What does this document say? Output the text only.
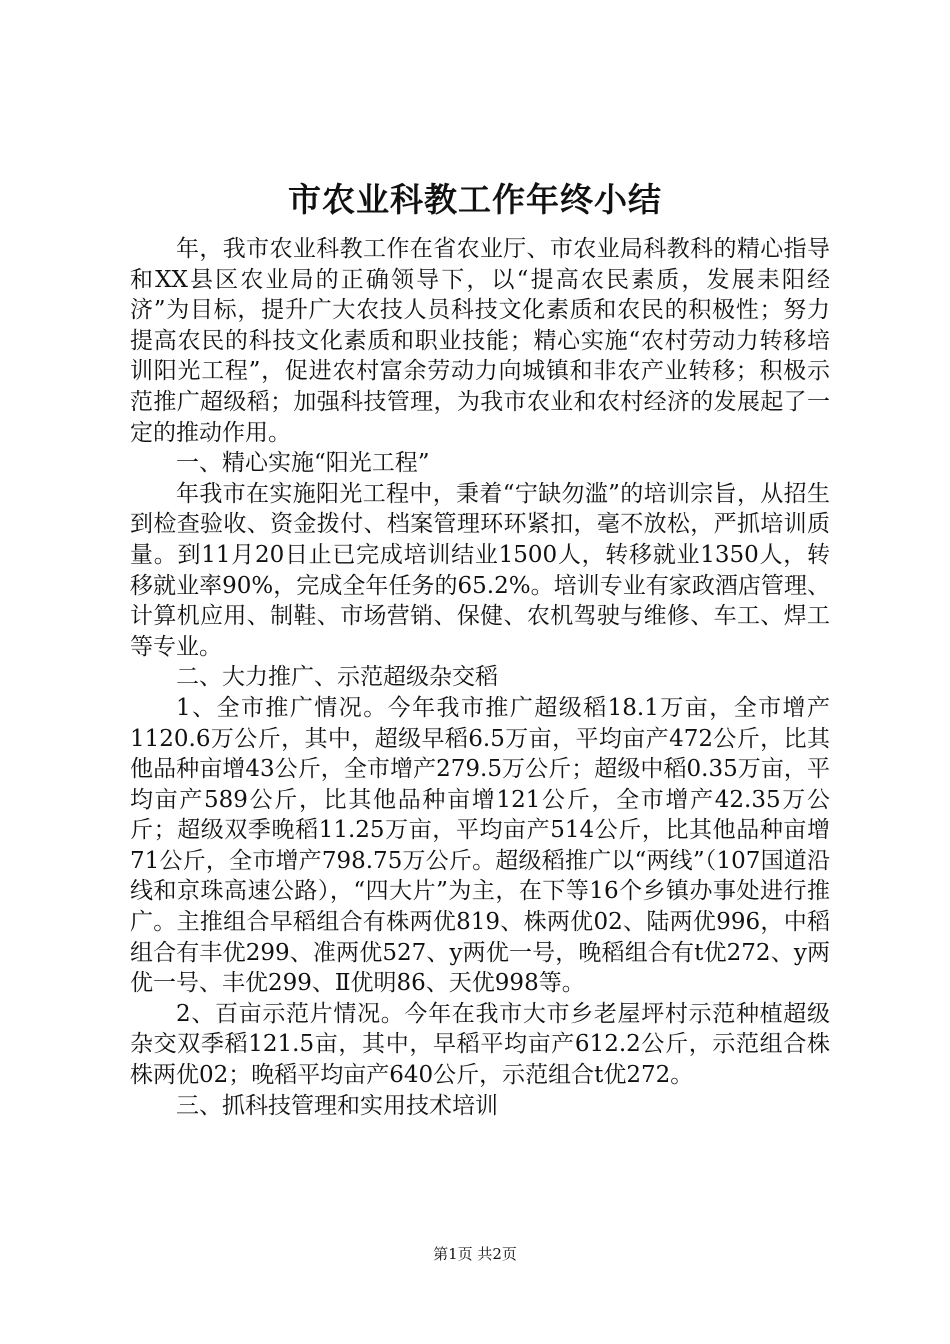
市农业科教工作年终小结

年，我市农业科教工作在省农业厅、市农业局科教科的精心指导和XX县区农业局的正确领导下，以“提高农民素质，发展耒阳经济”为目标，提升广大农技人员科技文化素质和农民的积极性；努力提高农民的科技文化素质和职业技能；精心实施“农村劳动力转移培训阳光工程”，促进农村富余劳动力向城镇和非农产业转移；积极示范推广超级稻；加强科技管理，为我市农业和农村经济的发展起了一定的推动作用。

一、精心实施“阳光工程”

年我市在实施阳光工程中，秉着“宁缺勿滥”的培训宗旨，从招生到检查验收、资金拨付、档案管理环环紧扣，毫不放松，严抓培训质量。到11月20日止已完成培训结业1500人，转移就业1350人，转移就业率90%，完成全年任务的65.2%。培训专业有家政酒店管理、计算机应用、制鞋、市场营销、保健、农机驾驶与维修、车工、焊工等专业。

二、大力推广、示范超级杂交稻

1、全市推广情况。今年我市推广超级稻18.1万亩，全市增产1120.6万公斤，其中，超级早稻6.5万亩，平均亩产472公斤，比其他品种亩增43公斤，全市增产279.5万公斤；超级中稻0.35万亩，平均亩产589公斤，比其他品种亩增121公斤，全市增产42.35万公斤；超级双季晚稻11.25万亩，平均亩产514公斤，比其他品种亩增71公斤，全市增产798.75万公斤。超级稻推广以“两线”（107国道沿线和京珠高速公路），“四大片”为主，在下等16个乡镇办事处进行推广。主推组合早稻组合有株两优819、株两优02、陆两优996，中稻组合有丰优299、准两优527、y两优一号，晚稻组合有t优272、y两优一号、丰优299、Ⅱ优明86、天优998等。

2、百亩示范片情况。今年在我市大市乡老屋坪村示范种植超级杂交双季稻121.5亩，其中，早稻平均亩产612.2公斤，示范组合株株两优02；晚稻平均亩产640公斤，示范组合t优272。

三、抓科技管理和实用技术培训

第1页 共2页
